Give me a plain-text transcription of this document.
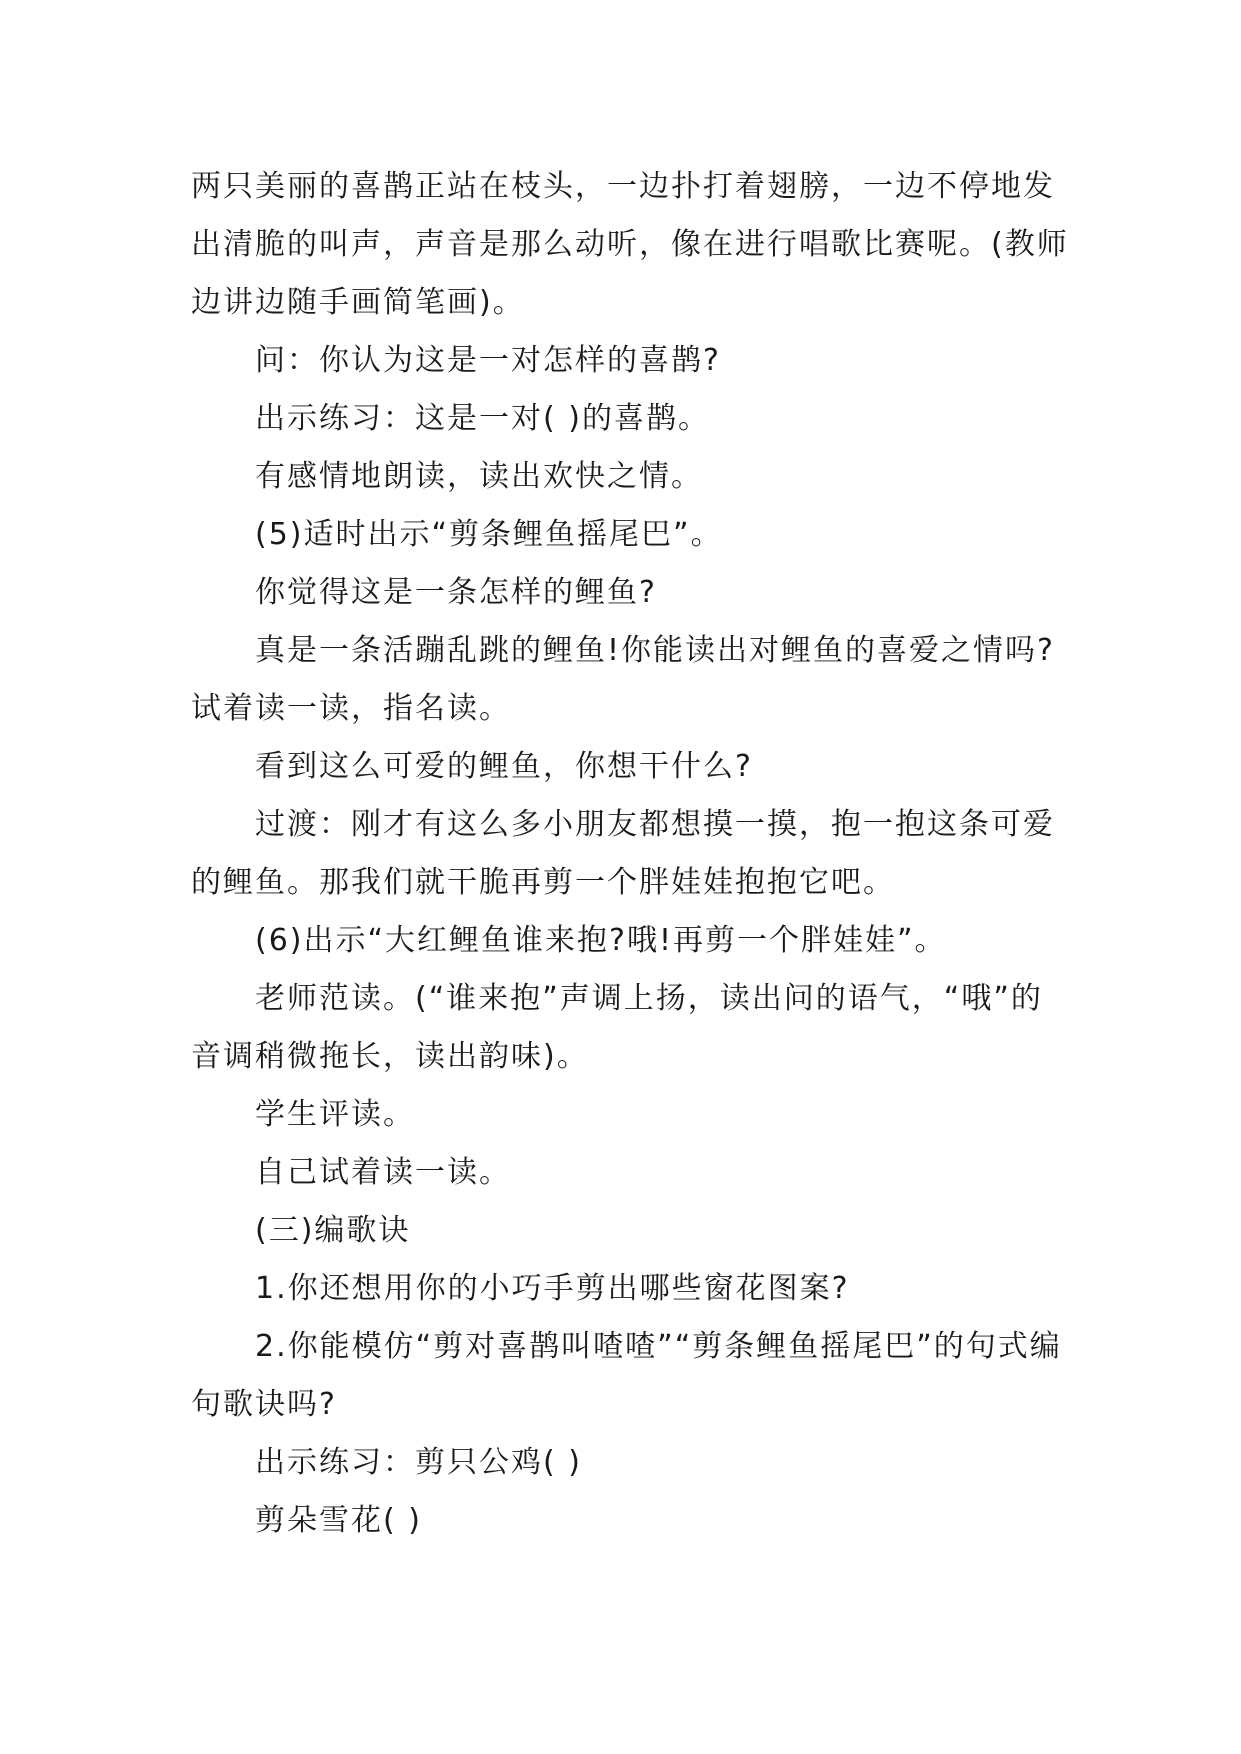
两只美丽的喜鹊正站在枝头，一边扑打着翅膀，一边不停地发出清脆的叫声，声音是那么动听，像在进行唱歌比赛呢。(教师边讲边随手画简笔画)。

问：你认为这是一对怎样的喜鹊?

出示练习：这是一对( )的喜鹊。

有感情地朗读，读出欢快之情。

(5)适时出示“剪条鲤鱼摇尾巴”。

你觉得这是一条怎样的鲤鱼?

真是一条活蹦乱跳的鲤鱼!你能读出对鲤鱼的喜爱之情吗?试着读一读，指名读。

看到这么可爱的鲤鱼，你想干什么?

过渡：刚才有这么多小朋友都想摸一摸，抱一抱这条可爱的鲤鱼。那我们就干脆再剪一个胖娃娃抱抱它吧。

(6)出示“大红鲤鱼谁来抱?哦!再剪一个胖娃娃”。

老师范读。(“谁来抱”声调上扬，读出问的语气，“哦”的音调稍微拖长，读出韵味)。

学生评读。

自己试着读一读。

(三)编歌诀

1.你还想用你的小巧手剪出哪些窗花图案?

2.你能模仿“剪对喜鹊叫喳喳”“剪条鲤鱼摇尾巴”的句式编句歌诀吗?

出示练习：剪只公鸡( )

剪朵雪花( )
